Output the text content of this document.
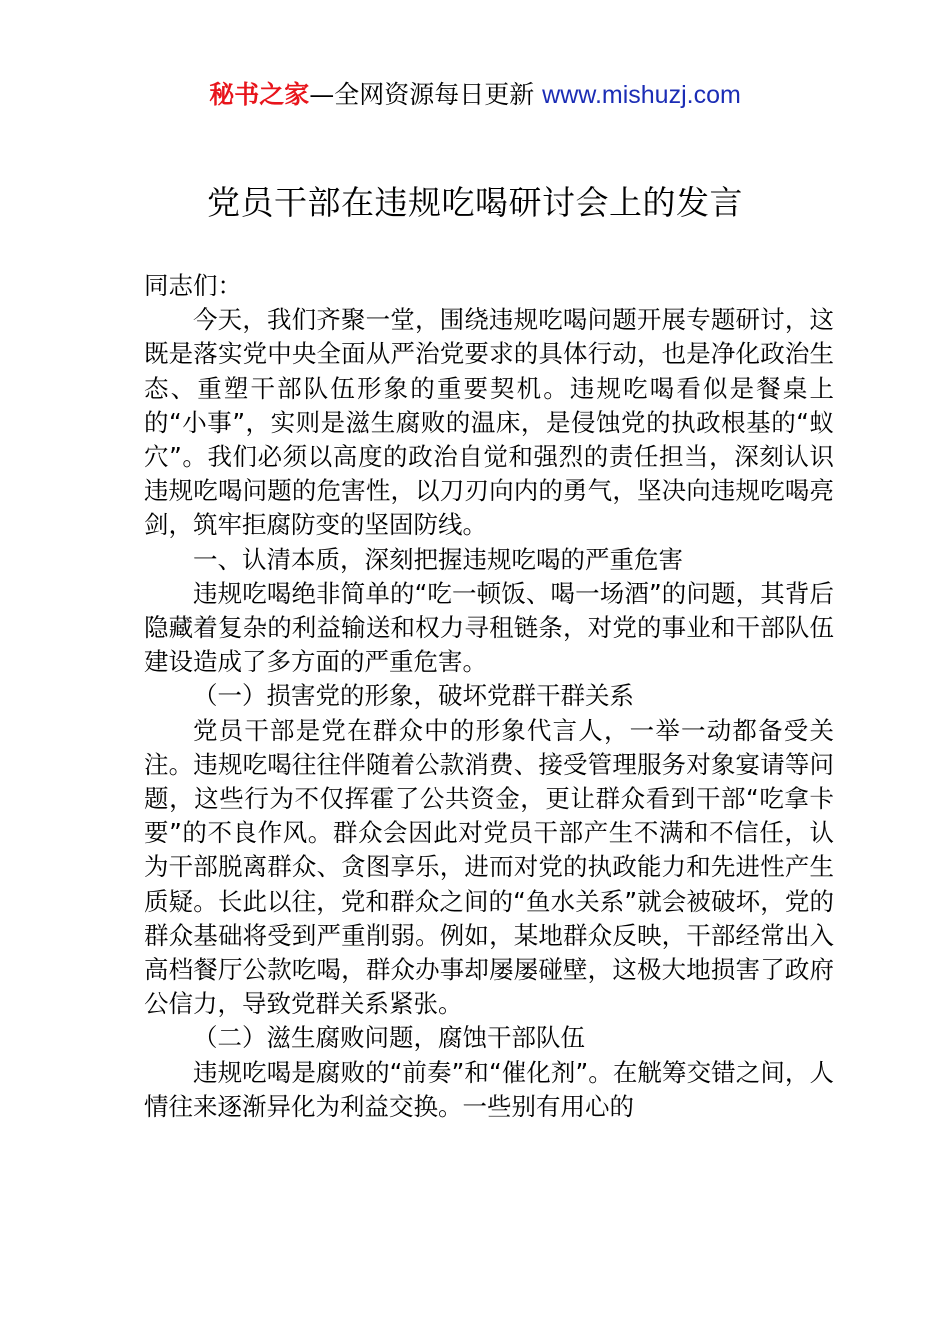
秘书之家—全网资源每日更新 www.mishuzj.com
党员干部在违规吃喝研讨会上的发言

同志们：

今天，我们齐聚一堂，围绕违规吃喝问题开展专题研讨，这既是落实党中央全面从严治党要求的具体行动，也是净化政治生态、重塑干部队伍形象的重要契机。违规吃喝看似是餐桌上的“小事”，实则是滋生腐败的温床，是侵蚀党的执政根基的“蚁穴”。我们必须以高度的政治自觉和强烈的责任担当，深刻认识违规吃喝问题的危害性，以刀刃向内的勇气，坚决向违规吃喝亮剑，筑牢拒腐防变的坚固防线。

一、认清本质，深刻把握违规吃喝的严重危害

违规吃喝绝非简单的“吃一顿饭、喝一场酒”的问题，其背后隐藏着复杂的利益输送和权力寻租链条，对党的事业和干部队伍建设造成了多方面的严重危害。

（一）损害党的形象，破坏党群干群关系

党员干部是党在群众中的形象代言人，一举一动都备受关注。违规吃喝往往伴随着公款消费、接受管理服务对象宴请等问题，这些行为不仅挥霍了公共资金，更让群众看到干部“吃拿卡要”的不良作风。群众会因此对党员干部产生不满和不信任，认为干部脱离群众、贪图享乐，进而对党的执政能力和先进性产生质疑。长此以往，党和群众之间的“鱼水关系”就会被破坏，党的群众基础将受到严重削弱。例如，某地群众反映，干部经常出入高档餐厅公款吃喝，群众办事却屡屡碰壁，这极大地损害了政府公信力，导致党群关系紧张。

（二）滋生腐败问题，腐蚀干部队伍

违规吃喝是腐败的“前奏”和“催化剂”。在觥筹交错之间，人情往来逐渐异化为利益交换。一些别有用心的
